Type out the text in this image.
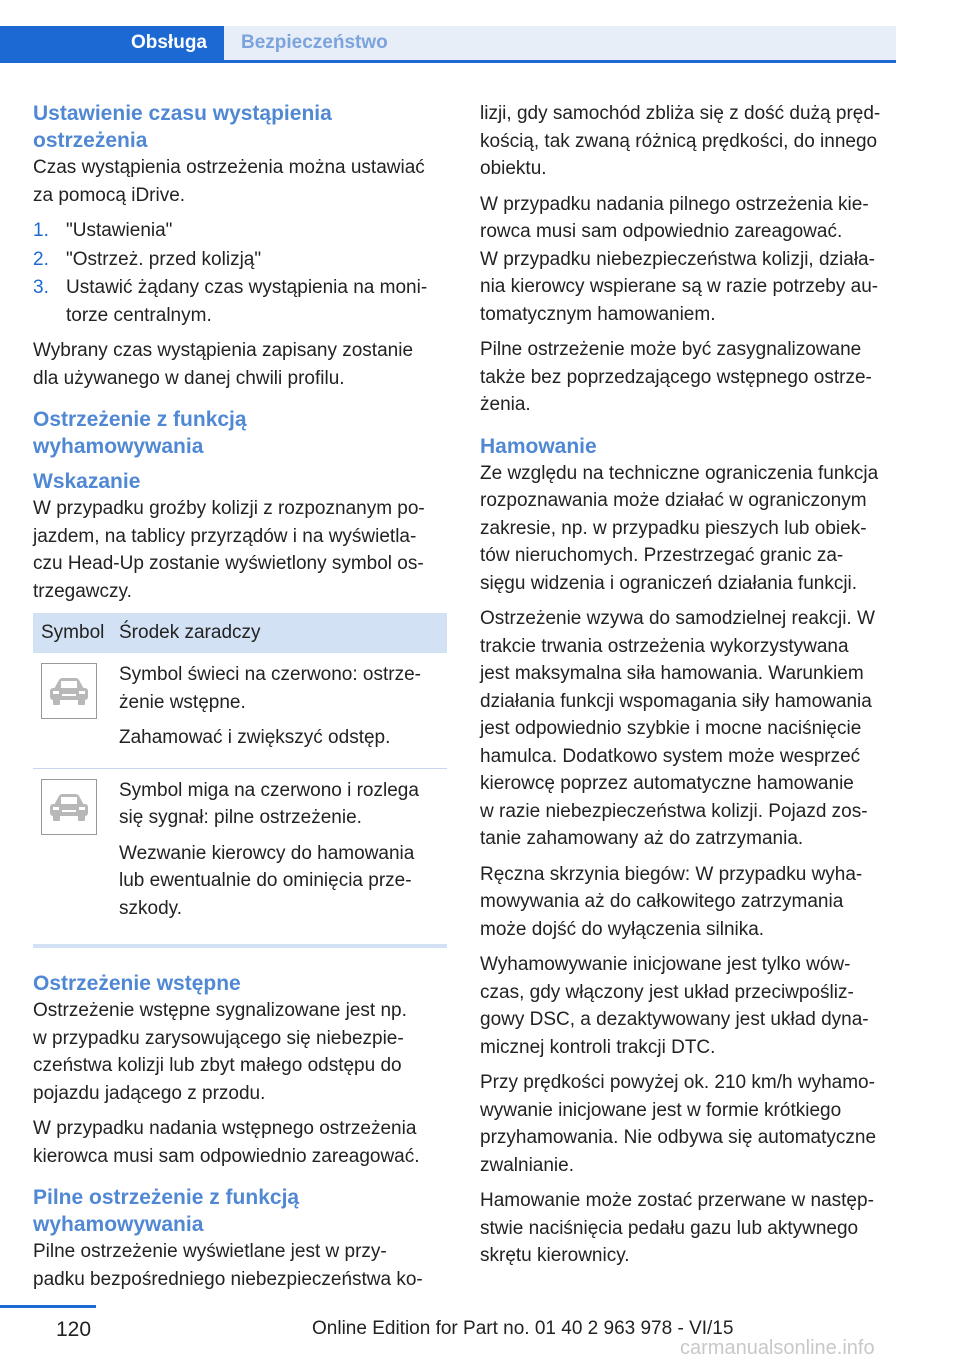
Obsługa	Bezpieczeństwo
Ustawienie czasu wystąpienia
ostrzeżenia

Czas wystąpienia ostrzeżenia można ustawiać
za pomocą iDrive.

1. "Ustawienia"
2. "Ostrzeż. przed kolizją"
3. Ustawić żądany czas wystąpienia na moni-
torze centralnym.

Wybrany czas wystąpienia zapisany zostanie
dla używanego w danej chwili profilu.

Ostrzeżenie z funkcją
wyhamowywania
Wskazanie

W przypadku groźby kolizji z rozpoznanym po-
jazdem, na tablicy przyrządów i na wyświetla-
czu Head-Up zostanie wyświetlony symbol os-
trzegawczy.

Symbol	Środek zaradczy

Symbol świeci na czerwono: ostrze-
żenie wstępne.

Zahamować i zwiększyć odstęp.

Symbol miga na czerwono i rozlega
się sygnał: pilne ostrzeżenie.

Wezwanie kierowcy do hamowania
lub ewentualnie do ominięcia prze-
szkody.

Ostrzeżenie wstępne

Ostrzeżenie wstępne sygnalizowane jest np.
w przypadku zarysowującego się niebezpie-
czeństwa kolizji lub zbyt małego odstępu do
pojazdu jadącego z przodu.

W przypadku nadania wstępnego ostrzeżenia
kierowca musi sam odpowiednio zareagować.

Pilne ostrzeżenie z funkcją
wyhamowywania

Pilne ostrzeżenie wyświetlane jest w przy-
padku bezpośredniego niebezpieczeństwa ko-

lizji, gdy samochód zbliża się z dość dużą pręd-
kością, tak zwaną różnicą prędkości, do innego
obiektu.

W przypadku nadania pilnego ostrzeżenia kie-
rowca musi sam odpowiednio zareagować.
W przypadku niebezpieczeństwa kolizji, działa-
nia kierowcy wspierane są w razie potrzeby au-
tomatycznym hamowaniem.

Pilne ostrzeżenie może być zasygnalizowane
także bez poprzedzającego wstępnego ostrze-
żenia.

Hamowanie

Ze względu na techniczne ograniczenia funkcja
rozpoznawania może działać w ograniczonym
zakresie, np. w przypadku pieszych lub obiek-
tów nieruchomych. Przestrzegać granic za-
sięgu widzenia i ograniczeń działania funkcji.

Ostrzeżenie wzywa do samodzielnej reakcji. W
trakcie trwania ostrzeżenia wykorzystywana
jest maksymalna siła hamowania. Warunkiem
działania funkcji wspomagania siły hamowania
jest odpowiednio szybkie i mocne naciśnięcie
hamulca. Dodatkowo system może wesprzeć
kierowcę poprzez automatyczne hamowanie
w razie niebezpieczeństwa kolizji. Pojazd zos-
tanie zahamowany aż do zatrzymania.

Ręczna skrzynia biegów: W przypadku wyha-
mowywania aż do całkowitego zatrzymania
może dojść do wyłączenia silnika.

Wyhamowywanie inicjowane jest tylko wów-
czas, gdy włączony jest układ przeciwpośliz-
gowy DSC, a dezaktywowany jest układ dyna-
micznej kontroli trakcji DTC.

Przy prędkości powyżej ok. 210 km/h wyhamo-
wywanie inicjowane jest w formie krótkiego
przyhamowania. Nie odbywa się automatyczne
zwalnianie.

Hamowanie może zostać przerwane w następ-
stwie naciśnięcia pedału gazu lub aktywnego
skrętu kierownicy.

120	Online Edition for Part no. 01 40 2 963 978 - VI/15
carmanualsonline.info
